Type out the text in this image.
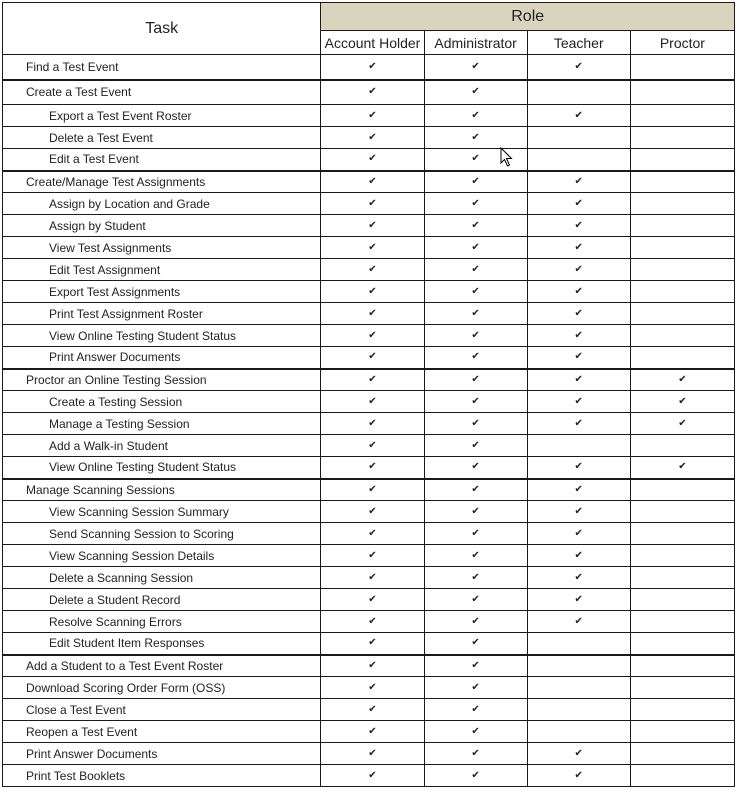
Task	Role			
	Account Holder	Administrator	Teacher	Proctor
Find a Test Event	✔	✔	✔	
Create a Test Event	✔	✔		
Export a Test Event Roster	✔	✔	✔	
Delete a Test Event	✔	✔		
Edit a Test Event	✔	✔		
Create/Manage Test Assignments	✔	✔	✔	
Assign by Location and Grade	✔	✔	✔	
Assign by Student	✔	✔	✔	
View Test Assignments	✔	✔	✔	
Edit Test Assignment	✔	✔	✔	
Export Test Assignments	✔	✔	✔	
Print Test Assignment Roster	✔	✔	✔	
View Online Testing Student Status	✔	✔	✔	
Print Answer Documents	✔	✔	✔	
Proctor an Online Testing Session	✔	✔	✔	✔
Create a Testing Session	✔	✔	✔	✔
Manage a Testing Session	✔	✔	✔	✔
Add a Walk-in Student	✔	✔		
View Online Testing Student Status	✔	✔	✔	✔
Manage Scanning Sessions	✔	✔	✔	
View Scanning Session Summary	✔	✔	✔	
Send Scanning Session to Scoring	✔	✔	✔	
View Scanning Session Details	✔	✔	✔	
Delete a Scanning Session	✔	✔	✔	
Delete a Student Record	✔	✔	✔	
Resolve Scanning Errors	✔	✔	✔	
Edit Student Item Responses	✔	✔		
Add a Student to a Test Event Roster	✔	✔		
Download Scoring Order Form (OSS)	✔	✔		
Close a Test Event	✔	✔		
Reopen a Test Event	✔	✔		
Print Answer Documents	✔	✔	✔	
Print Test Booklets	✔	✔	✔	
